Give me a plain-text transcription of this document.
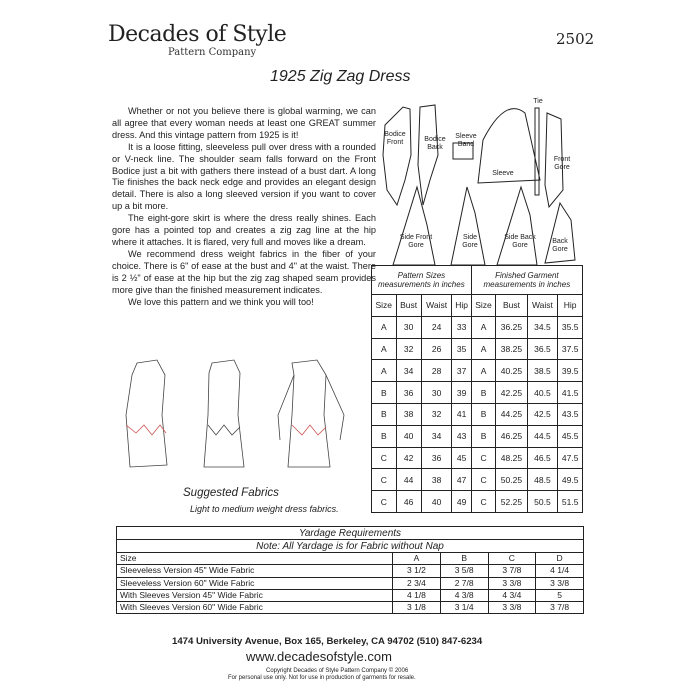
Decades of Style
Pattern Company
2502
1925 Zig Zag Dress

Whether or not you believe there is global warming, we can all agree that every woman needs at least one GREAT summer dress. And this vintage pattern from 1925 is it!

It is a loose fitting, sleeveless pull over dress with a rounded or V-neck line. The shoulder seam falls forward on the Front Bodice just a bit with gathers there instead of a bust dart. A long Tie finishes the back neck edge and provides an elegant design detail. There is also a long sleeved version if you want to cover up a bit more.

The eight-gore skirt is where the dress really shines. Each gore has a pointed top and creates a zig zag line at the hip where it attaches. It is flared, very full and moves like a dream.

We recommend dress weight fabrics in the fiber of your choice. There is 6" of ease at the bust and 4" at the waist. There is 2 ½" of ease at the hip but the zig zag shaped seam provides more give than the finished measurement indicates.

We love this pattern and we think you will too!

Bodice Front	Bodice Back
Sleeve Band
Sleeve
Tie
Front Gore
Side Front Gore
Side Gore
Side Back Gore
Back Gore
Suggested Fabrics
Light to medium weight dress fabrics.
Pattern Sizes measurements in inches				Finished Garment measurements in inches			
Size	Bust	Waist	Hip	Size	Bust	Waist	Hip
A	30	24	33	A	36.25	34.5	35.5
A	32	26	35	A	38.25	36.5	37.5
A	34	28	37	A	40.25	38.5	39.5
B	36	30	39	B	42.25	40.5	41.5
B	38	32	41	B	44.25	42.5	43.5
B	40	34	43	B	46.25	44.5	45.5
C	42	36	45	C	48.25	46.5	47.5
C	44	38	47	C	50.25	48.5	49.5
C	46	40	49	C	52.25	50.5	51.5
Yardage Requirements				
Note: All Yardage is for Fabric without Nap				
Size	A	B	C	D
Sleeveless Version 45" Wide Fabric	3 1/2	3 5/8	3 7/8	4 1/4
Sleeveless Version 60" Wide Fabric	2 3/4	2 7/8	3 3/8	3 3/8
With Sleeves Version 45" Wide Fabric	4 1/8	4 3/8	4 3/4	5
With Sleeves Version 60" Wide Fabric	3 1/8	3 1/4	3 3/8	3 7/8
1474 University Avenue, Box 165, Berkeley, CA 94702 (510) 847-6234
www.decadesofstyle.com
Copyright Decades of Style Pattern Company © 2006
For personal use only. Not for use in production of garments for resale.
